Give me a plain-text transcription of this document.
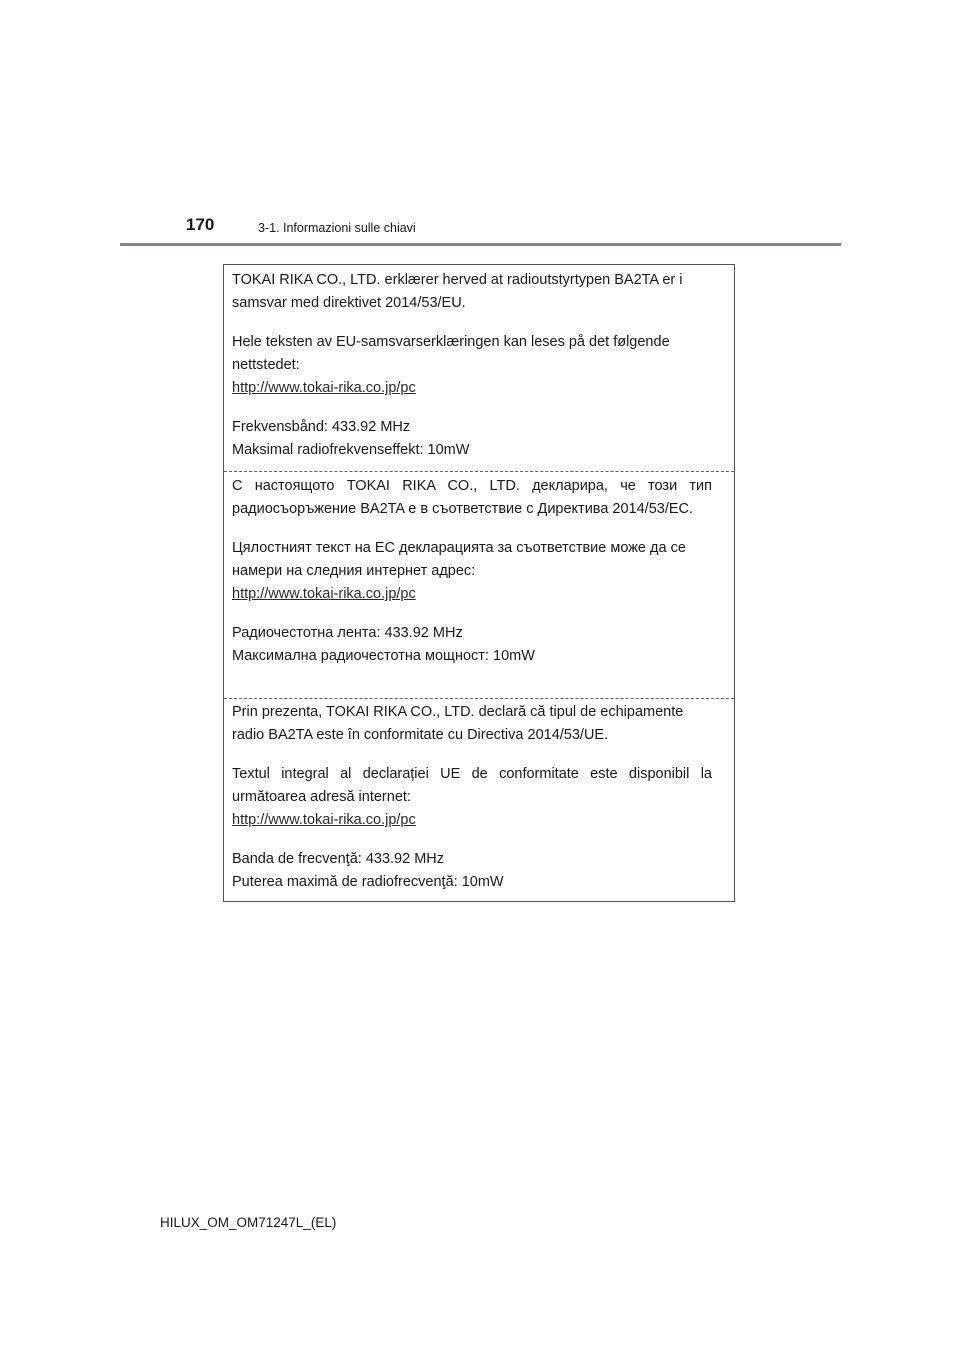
170	3-1. Informazioni sulle chiavi

TOKAI RIKA CO., LTD. erklærer herved at radioutstyrtypen BA2TA er i samsvar med direktivet 2014/53/EU.

Hele teksten av EU-samsvarserklæringen kan leses på det følgende nettstedet:

http://www.tokai-rika.co.jp/pc

Frekvensbånd: 433.92 MHz

Maksimal radiofrekvenseffekt: 10mW

С настоящото TOKAI RIKA CO., LTD. декларира, че този тип радиосъоръжение BA2TA е в съответствие с Директива 2014/53/ЕС.

Цялостният текст на ЕС декларацията за съответствие може да се намери на следния интернет адрес:

http://www.tokai-rika.co.jp/pc

Радиочестотна лента: 433.92 MHz

Максимална радиочестотна мощност: 10mW

Prin prezenta, TOKAI RIKA CO., LTD. declară că tipul de echipamente radio BA2TA este în conformitate cu Directiva 2014/53/UE.

Textul integral al declarației UE de conformitate este disponibil la următoarea adresă internet:

http://www.tokai-rika.co.jp/pc

Banda de frecvenţă: 433.92 MHz

Puterea maximă de radiofrecvenţă: 10mW

HILUX_OM_OM71247L_(EL)
